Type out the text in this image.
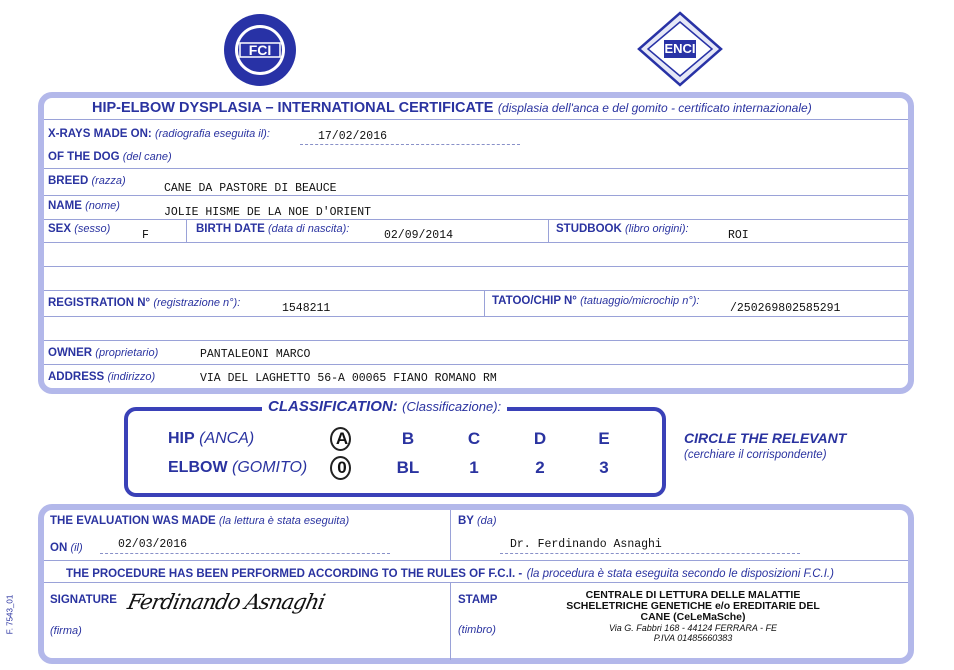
FCI	ENCI
HIP-ELBOW DYSPLASIA – INTERNATIONAL CERTIFICATE (displasia dell'anca e del gomito - certificato internazionale)
X-RAYS MADE ON: (radiografia eseguita il):	17/02/2016
OF THE DOG (del cane)
BREED (razza)
CANE DA PASTORE DI BEAUCE
NAME (nome)	JOLIE HISME DE LA NOE D'ORIENT
SEX (sesso)	F	BIRTH DATE (data di nascita):	02/09/2014	STUDBOOK (libro origini):	ROI
REGISTRATION N° (registrazione n°):	1548211
TATOO/CHIP N° (tatuaggio/microchip n°):
/250269802585291
OWNER (proprietario)	PANTALEONI MARCO
ADDRESS (indirizzo)	VIA DEL LAGHETTO 56-A 00065 FIANO ROMANO RM
CLASSIFICATION: (Classificazione):
HIP (ANCA)
ELBOW (GOMITO)
A	B	C	D	E
0	BL	1	2	3
CIRCLE THE RELEVANT
(cerchiare il corrispondente)
THE EVALUATION WAS MADE (la lettura è stata eseguita)
ON (il)	02/03/2016
BY (da)
Dr. Ferdinando Asnaghi
THE PROCEDURE HAS BEEN PERFORMED ACCORDING TO THE RULES OF F.C.I. - (la procedura è stata eseguita secondo le disposizioni F.C.I.)
SIGNATURE
(firma)
Ferdinando Asnaghi	STAMP
(timbro)
CENTRALE DI LETTURA DELLE MALATTIE
SCHELETRICHE GENETICHE e/o EREDITARIE DEL
CANE (CeLeMaSche)
Via G. Fabbri 168 - 44124 FERRARA - FE
P.IVA 01485660383
F. 7543_01
